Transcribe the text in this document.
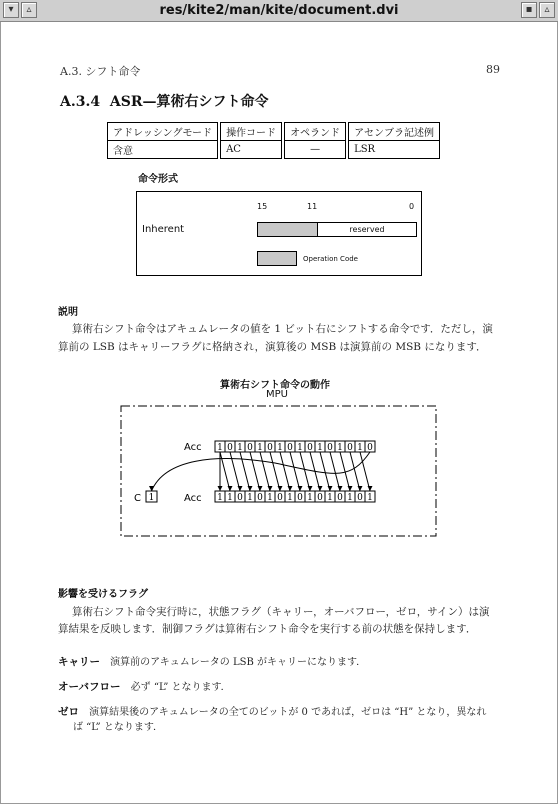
▾	▵	res/kite2/man/kite/document.dvi	▪	▵
A.3. シフト命令	89
A.3.4 ASR—算術右シフト命令
アドレッシングモード	操作コード	オペランド	アセンブラ記述例
含意	AC	—	LSR
命令形式
15	11	0
Inherent	reserved
Operation Code
説明
算術右シフト命令はアキュムレータの値を 1 ビット右にシフトする命令です．ただし，演
算前の LSB はキャリーフラグに格納され，演算後の MSB は演算前の MSB になります．
算術右シフト命令の動作
MPU
Acc
Acc
C 1
1 0 1 0 1 0 1 0 1 0 1 0 1 0 1 0
1 1 0 1 0 1 0 1 0 1 0 1 0 1 0 1
影響を受けるフラグ
算術右シフト命令実行時に，状態フラグ（キャリー，オーバフロー，ゼロ，サイン）は演
算結果を反映します．制御フラグは算術右シフト命令を実行する前の状態を保持します．
キャリー 演算前のアキュムレータの LSB がキャリーになります．
オーバフロー 必ず “L” となります．
ゼロ 演算結果後のアキュムレータの全てのビットが 0 であれば，ゼロは “H” となり，異なれ
ば “L” となります．
